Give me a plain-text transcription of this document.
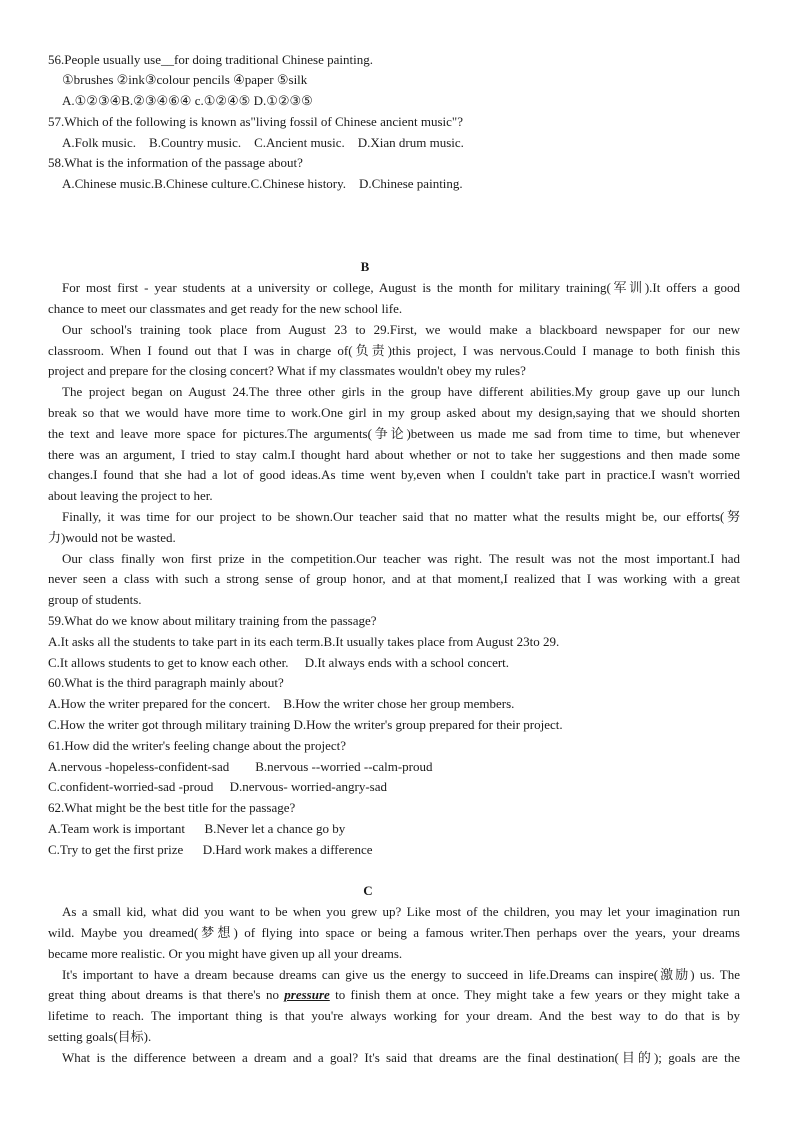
56.People usually use__for doing traditional Chinese painting.
①brushes ②ink③colour pencils ④paper ⑤silk
A.①②③④B.②③④⑥④ c.①②④⑤ D.①②③⑤
57.Which of the following is known as"living fossil of Chinese ancient music"?
A.Folk music.    B.Country music.    C.Ancient music.    D.Xian drum music.
58.What is the information of the passage about?
A.Chinese music.B.Chinese culture.C.Chinese history.    D.Chinese painting.
B
For most first - year students at a university or college, August is the month for military training(军训).It offers a good
chance to meet our classmates and get ready for the new school life.
Our school's training took place from August 23 to 29.First, we would make a blackboard newspaper for our new
classroom. When I found out that I was in charge of(负责)this project, I was nervous.Could I manage to both finish this
project and prepare for the closing concert? What if my classmates wouldn't obey my rules?
The project began on August 24.The three other girls in the group have different abilities.My group gave up our lunch
break so that we would have more time to work.One girl in my group asked about my design,saying that we should shorten
the text and leave more space for pictures.The arguments(争论)between us made me sad from time to time, but whenever
there was an argument, I tried to stay calm.I thought hard about whether or not to take her suggestions and then made some
changes.I found that she had a lot of good ideas.As time went by,even when I couldn't take part in practice.I wasn't worried
about leaving the project to her.
Finally, it was time for our project to be shown.Our teacher said that no matter what the results might be, our efforts(努
力)would not be wasted.
Our class finally won first prize in the competition.Our teacher was right. The result was not the most important.I had
never seen a class with such a strong sense of group honor, and at that moment,I realized that I was working with a great
group of students.
59.What do we know about military training from the passage?
A.It asks all the students to take part in its each term.B.It usually takes place from August 23to 29.
C.It allows students to get to know each other.     D.It always ends with a school concert.
60.What is the third paragraph mainly about?
A.How the writer prepared for the concert.    B.How the writer chose her group members.
C.How the writer got through military training D.How the writer's group prepared for their project.
61.How did the writer's feeling change about the project?
A.nervous -hopeless-confident-sad        B.nervous --worried --calm-proud
C.confident-worried-sad -proud     D.nervous- worried-angry-sad
62.What might be the best title for the passage?
A.Team work is important      B.Never let a chance go by
C.Try to get the first prize      D.Hard work makes a difference
C
As a small kid, what did you want to be when you grew up? Like most of the children, you may let your imagination run
wild. Maybe you dreamed(梦想) of flying into space or being a famous writer.Then perhaps over the years, your dreams
became more realistic. Or you might have given up all your dreams.
It's important to have a dream because dreams can give us the energy to succeed in life.Dreams can inspire(激励) us. The
great thing about dreams is that there's no pressure to finish them at once. They might take a few years or they might take a
lifetime to reach. The important thing is that you're always working for your dream. And the best way to do that is by
setting goals(目标).
What is the difference between a dream and a goal? It's said that dreams are the final destination(目的); goals are the
